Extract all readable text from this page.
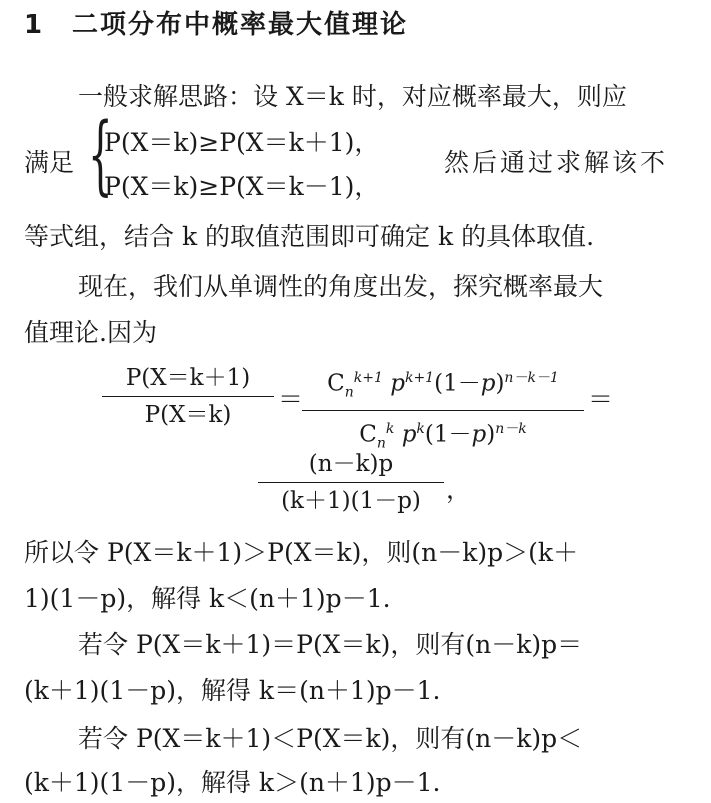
1 二项分布中概率最大值理论
一般求解思路：设 X＝k 时，对应概率最大，则应
满足 {
P(X＝k)≥P(X＝k＋1)，
P(X＝k)≥P(X＝k－1)，
然后通过求解该不
等式组，结合 k 的取值范围即可确定 k 的具体取值.
现在，我们从单调性的角度出发，探究概率最大
值理论.因为
P(X＝k＋1)
P(X＝k)
＝
$C_n^{k+1}$ $p^{k+1}(1-p)^{n-k-1}$
$C_n^k$ $p^k(1-p)^{n-k}$
＝
(n－k)p
(k＋1)(1－p)	，
所以令 P(X＝k＋1)＞P(X＝k)，则(n－k)p＞(k＋
1)(1－p)，解得 k＜(n＋1)p－1.
若令 P(X＝k＋1)＝P(X＝k)，则有(n－k)p＝
(k＋1)(1－p)，解得 k＝(n＋1)p－1.
若令 P(X＝k＋1)＜P(X＝k)，则有(n－k)p＜
(k＋1)(1－p)，解得 k＞(n＋1)p－1.
